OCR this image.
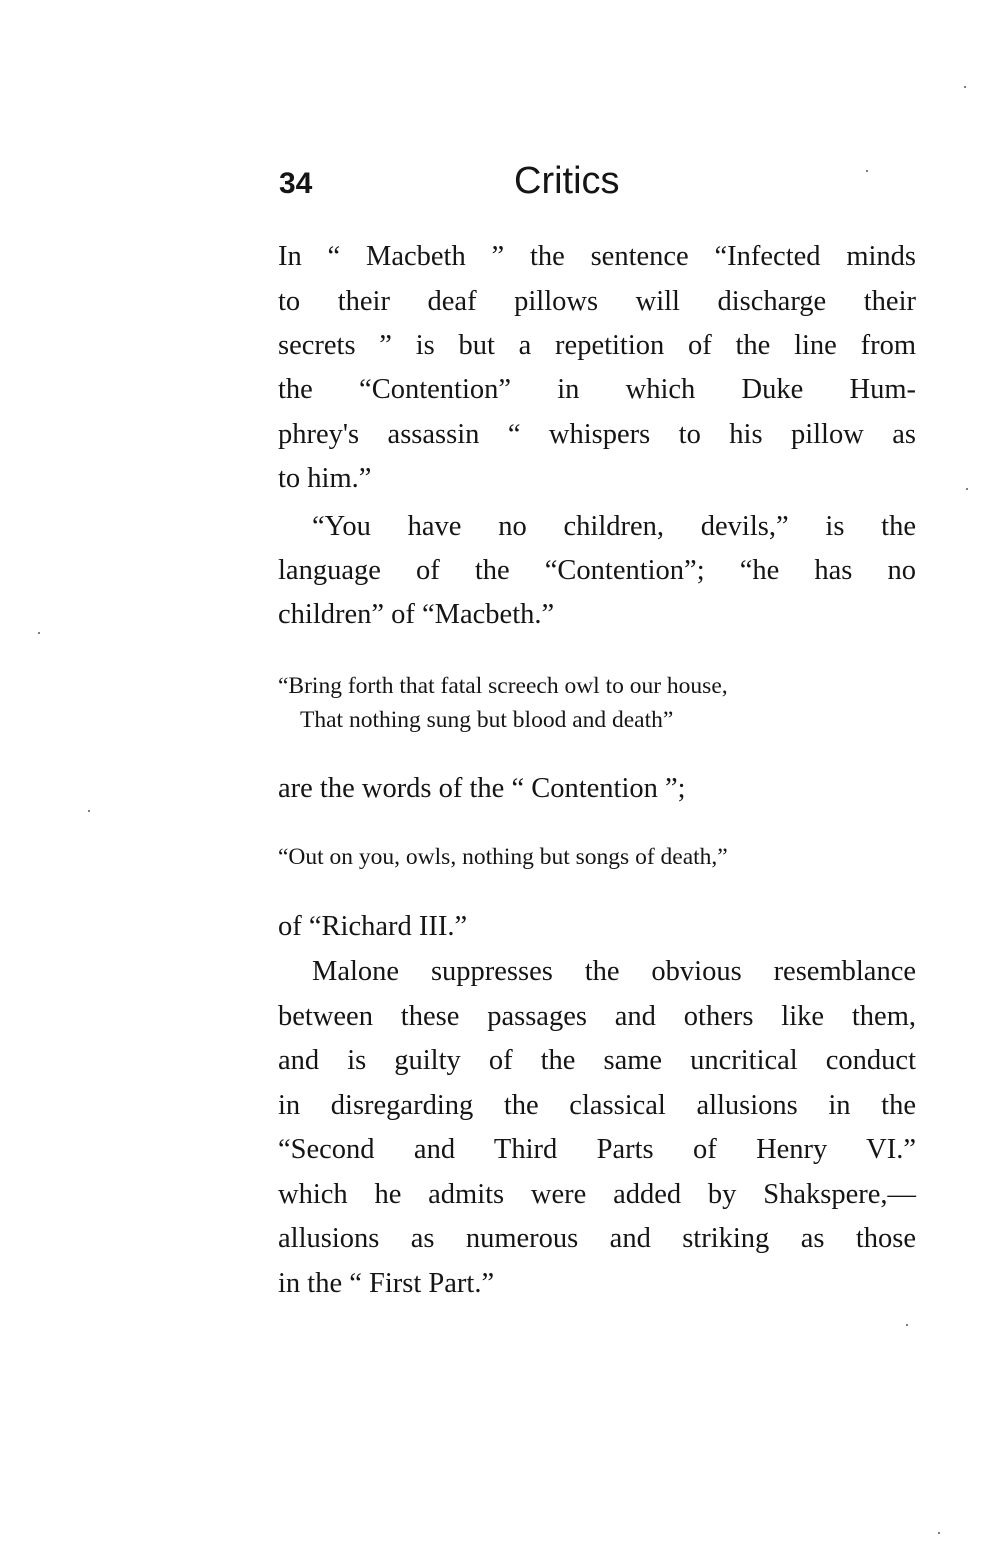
34	Critics
In “ Macbeth ” the sentence “Infected minds
to their deaf pillows will discharge their
secrets ” is but a repetition of the line from
the “Contention” in which Duke Hum-
phrey's assassin “ whispers to his pillow as
to him.”
“You have no children, devils,” is the
language of the “Contention”; “he has no
children” of “Macbeth.”
“Bring forth that fatal screech owl to our house,
That nothing sung but blood and death”
are the words of the “ Contention ”;
“Out on you, owls, nothing but songs of death,”
of “Richard III.”
Malone suppresses the obvious resemblance
between these passages and others like them,
and is guilty of the same uncritical conduct
in disregarding the classical allusions in the
“Second and Third Parts of Henry VI.”
which he admits were added by Shakspere,—
allusions as numerous and striking as those
in the “ First Part.”
